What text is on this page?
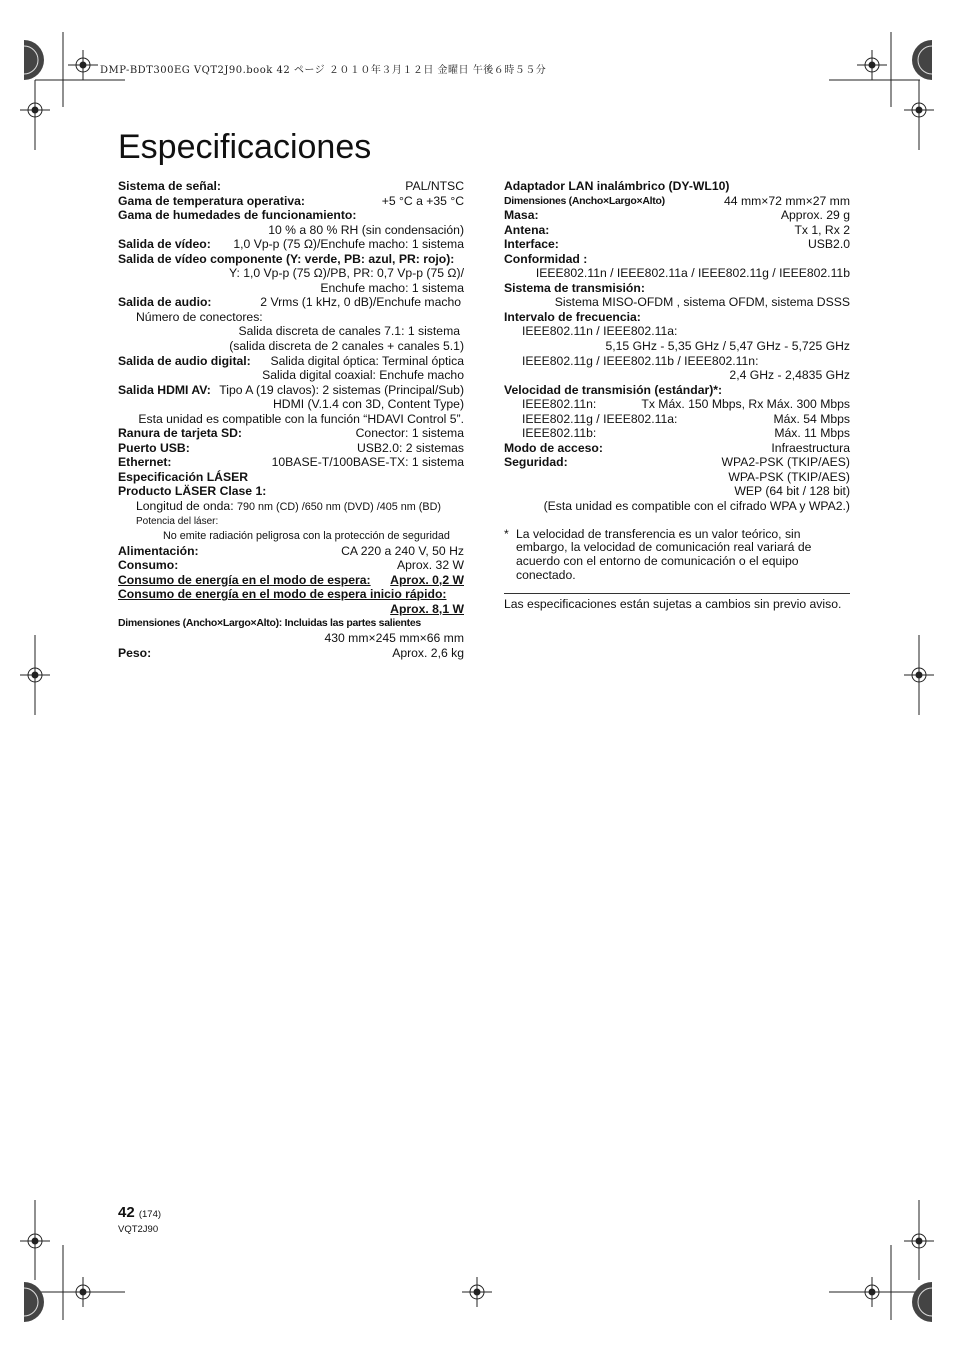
DMP-BDT300EG VQT2J90.book 42 ページ ２０１０年３月１２日 金曜日 午後６時５５分
Especificaciones
Sistema de señal:	PAL/NTSC
Gama de temperatura operativa:	+5 °C a +35 °C
Gama de humedades de funcionamiento:
10 % a 80 % RH (sin condensación)
Salida de vídeo: 1,0 Vp-p (75 Ω)/Enchufe macho: 1 sistema
Salida de vídeo componente (Y: verde, PB: azul, PR: rojo):
Y: 1,0 Vp-p (75 Ω)/PB, PR: 0,7 Vp-p (75 Ω)/
Enchufe macho: 1 sistema
Salida de audio:	2 Vrms (1 kHz, 0 dB)/Enchufe macho
Número de conectores:
Salida discreta de canales 7.1: 1 sistema
(salida discreta de 2 canales + canales 5.1)
Salida de audio digital: Salida digital óptica: Terminal óptica
Salida digital coaxial: Enchufe macho
Salida HDMI AV: Tipo A (19 clavos): 2 sistemas (Principal/Sub)
HDMI (V.1.4 con 3D, Content Type)
Esta unidad es compatible con la función “HDAVI Control 5”.
Ranura de tarjeta SD:	Conector: 1 sistema
Puerto USB:	USB2.0: 2 sistemas
Ethernet:	10BASE-T/100BASE-TX: 1 sistema
Especificación LÁSER
Producto LÄSER Clase 1:
Longitud de onda: 790 nm (CD) /650 nm (DVD) /405 nm (BD)
Potencia del láser:
No emite radiación peligrosa con la protección de seguridad
Alimentación:	CA 220 a 240 V, 50 Hz
Consumo:	Aprox. 32 W
Consumo de energía en el modo de espera: Aprox. 0,2 W
Consumo de energía en el modo de espera inicio rápido:
Aprox. 8,1 W
Dimensiones (Ancho×Largo×Alto): Incluidas las partes salientes
430 mm×245 mm×66 mm
Peso:	Aprox. 2,6 kg
Adaptador LAN inalámbrico (DY-WL10)
Dimensiones (Ancho×Largo×Alto)	44 mm×72 mm×27 mm
Masa:	Approx. 29 g
Antena:	Tx 1, Rx 2
Interface:	USB2.0
Conformidad :
IEEE802.11n / IEEE802.11a / IEEE802.11g / IEEE802.11b
Sistema de transmisión:
Sistema MISO-OFDM , sistema OFDM, sistema DSSS
Intervalo de frecuencia:
IEEE802.11n / IEEE802.11a:
5,15 GHz - 5,35 GHz / 5,47 GHz - 5,725 GHz
IEEE802.11g / IEEE802.11b / IEEE802.11n:
2,4 GHz - 2,4835 GHz
Velocidad de transmisión (estándar)*:
IEEE802.11n:	Tx Máx. 150 Mbps, Rx Máx. 300 Mbps
IEEE802.11g / IEEE802.11a:	Máx. 54 Mbps
IEEE802.11b:	Máx. 11 Mbps
Modo de acceso:	Infraestructura
Seguridad:	WPA2-PSK (TKIP/AES)
WPA-PSK (TKIP/AES)
WEP (64 bit / 128 bit)
(Esta unidad es compatible con el cifrado WPA y WPA2.)
* La velocidad de transferencia es un valor teórico, sin embargo, la velocidad de comunicación real variará de acuerdo con el entorno de comunicación o el equipo conectado.
Las especificaciones están sujetas a cambios sin previo aviso.
42 (174)
VQT2J90
